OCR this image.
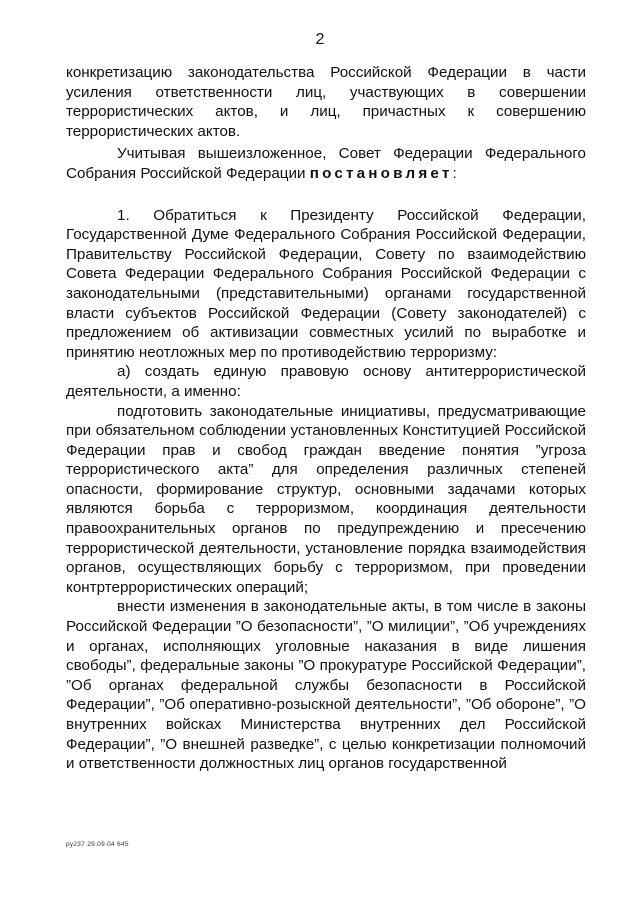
2

конкретизацию законодательства Российской Федерации в части усиления ответственности лиц, участвующих в совершении террористических актов, и лиц, причастных к совершению террористических актов.

Учитывая вышеизложенное, Совет Федерации Федерального Собрания Российской Федерации постановляет:

1. Обратиться к Президенту Российской Федерации, Государственной Думе Федерального Собрания Российской Федерации, Правительству Российской Федерации, Совету по взаимодействию Совета Федерации Федерального Собрания Российской Федерации с законодательными (представительными) органами государственной власти субъектов Российской Федерации (Совету законодателей) с предложением об активизации совместных усилий по выработке и принятию неотложных мер по противодействию терроризму:

а) создать единую правовую основу антитеррористической деятельности, а именно:

подготовить законодательные инициативы, предусматривающие при обязательном соблюдении установленных Конституцией Российской Федерации прав и свобод граждан введение понятия ”угроза террористического акта” для определения различных степеней опасности, формирование структур, основными задачами которых являются борьба с терроризмом, координация деятельности правоохранительных органов по предупреждению и пресечению террористической деятельности, установление порядка взаимодействия органов, осуществляющих борьбу с терроризмом, при проведении контртеррористических операций;

внести изменения в законодательные акты, в том числе в законы Российской Федерации ”О безопасности”, ”О милиции”, ”Об учреждениях и органах, исполняющих уголовные наказания в виде лишения свободы”, федеральные законы ”О прокуратуре Российской Федерации”, ”Об органах федеральной службы безопасности в Российской Федерации”, ”Об оперативно-розыскной деятельности”, ”Об обороне”, ”О внутренних войсках Министерства внутренних дел Российской Федерации”, ”О внешней разведке”, с целью конкретизации полномочий и ответственности должностных лиц органов государственной

ру237 29.09.04 645
